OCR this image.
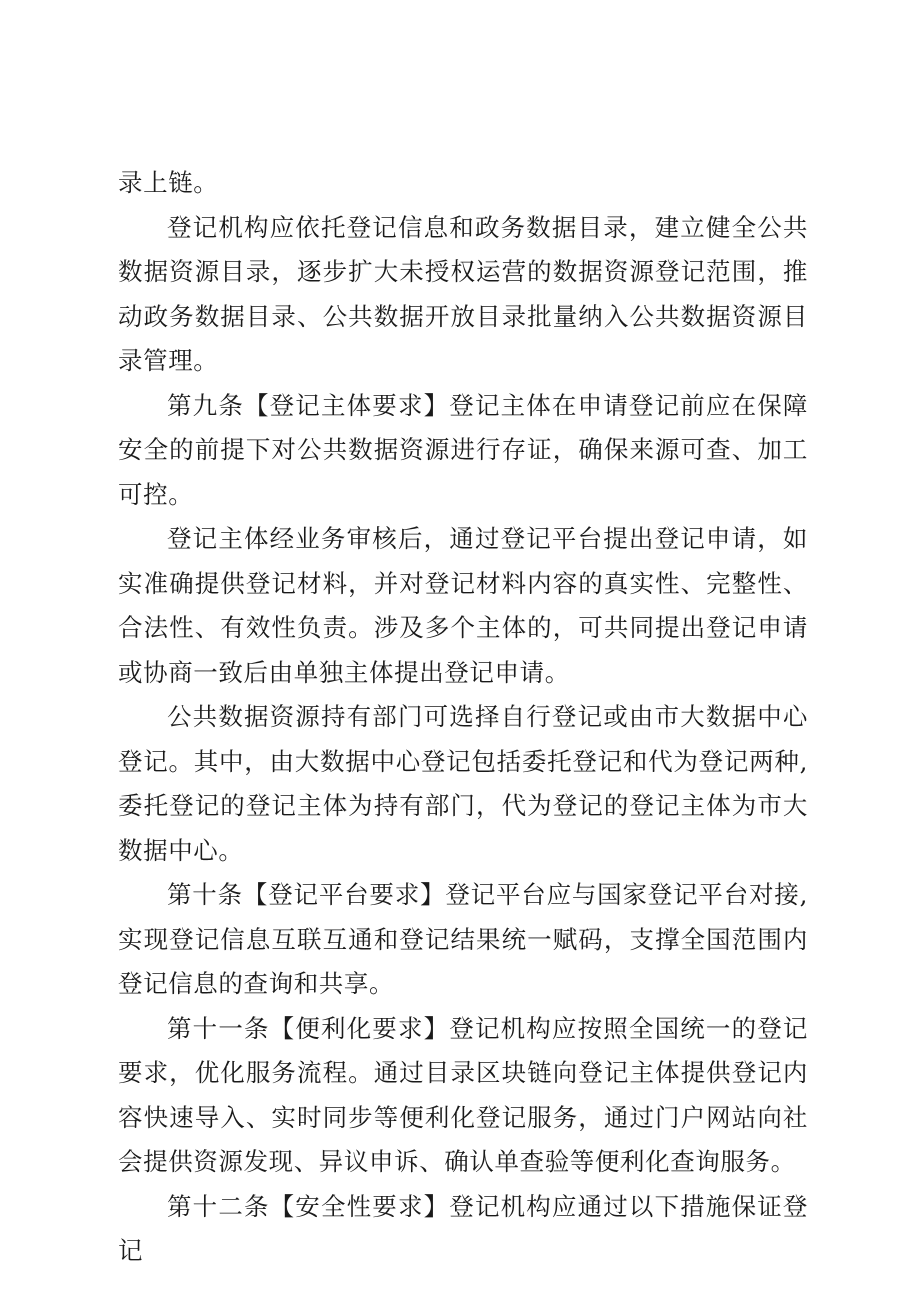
录上链。

登记机构应依托登记信息和政务数据目录，建立健全公共数据资源目录，逐步扩大未授权运营的数据资源登记范围，推动政务数据目录、公共数据开放目录批量纳入公共数据资源目录管理。

第九条【登记主体要求】登记主体在申请登记前应在保障安全的前提下对公共数据资源进行存证，确保来源可查、加工可控。

登记主体经业务审核后，通过登记平台提出登记申请，如实准确提供登记材料，并对登记材料内容的真实性、完整性、合法性、有效性负责。涉及多个主体的，可共同提出登记申请或协商一致后由单独主体提出登记申请。

公共数据资源持有部门可选择自行登记或由市大数据中心登记。其中，由大数据中心登记包括委托登记和代为登记两种,委托登记的登记主体为持有部门，代为登记的登记主体为市大数据中心。

第十条【登记平台要求】登记平台应与国家登记平台对接,实现登记信息互联互通和登记结果统一赋码，支撑全国范围内登记信息的查询和共享。

第十一条【便利化要求】登记机构应按照全国统一的登记要求，优化服务流程。通过目录区块链向登记主体提供登记内容快速导入、实时同步等便利化登记服务，通过门户网站向社会提供资源发现、异议申诉、确认单查验等便利化查询服务。

第十二条【安全性要求】登记机构应通过以下措施保证登记
